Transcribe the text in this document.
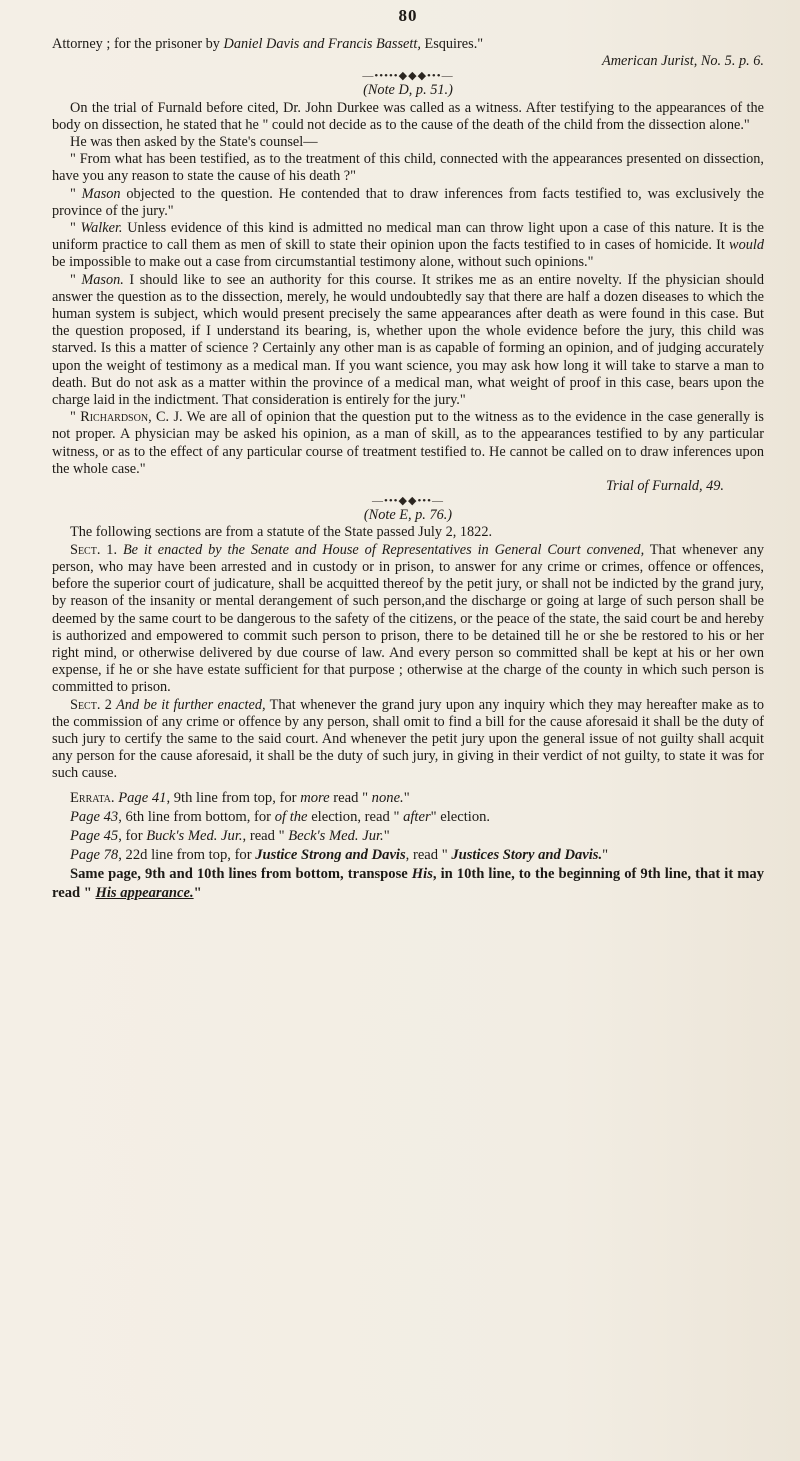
80

Attorney ; for the prisoner by Daniel Davis and Francis Bassett, Esquires."

American Jurist, No. 5. p. 6.

—•••••◆◆◆•••—

(Note D, p. 51.)

On the trial of Furnald before cited, Dr. John Durkee was called as a witness. After testifying to the appearances of the body on dissection, he stated that he " could not decide as to the cause of the death of the child from the dissection alone."

He was then asked by the State's counsel—

" From what has been testified, as to the treatment of this child, connected with the appearances presented on dissection, have you any reason to state the cause of his death ?"

" Mason objected to the question. He contended that to draw inferences from facts testified to, was exclusively the province of the jury."

" Walker. Unless evidence of this kind is admitted no medical man can throw light upon a case of this nature. It is the uniform practice to call them as men of skill to state their opinion upon the facts testified to in cases of homicide. It would be impossible to make out a case from circumstantial testimony alone, without such opinions."

" Mason. I should like to see an authority for this course. It strikes me as an entire novelty. If the physician should answer the question as to the dissection, merely, he would undoubtedly say that there are half a dozen diseases to which the human system is subject, which would present precisely the same appearances after death as were found in this case. But the question proposed, if I understand its bearing, is, whether upon the whole evidence before the jury, this child was starved. Is this a matter of science ? Certainly any other man is as capable of forming an opinion, and of judging accurately upon the weight of testimony as a medical man. If you want science, you may ask how long it will take to starve a man to death. But do not ask as a matter within the province of a medical man, what weight of proof in this case, bears upon the charge laid in the indictment. That consideration is entirely for the jury."

" Richardson, C. J. We are all of opinion that the question put to the witness as to the evidence in the case generally is not proper. A physician may be asked his opinion, as a man of skill, as to the appearances testified to by any particular witness, or as to the effect of any particular course of treatment testified to. He cannot be called on to draw inferences upon the whole case."

Trial of Furnald, 49.

—•••◆◆•••—

(Note E, p. 76.)

The following sections are from a statute of the State passed July 2, 1822.

Sect. 1. Be it enacted by the Senate and House of Representatives in General Court convened, That whenever any person, who may have been arrested and in custody or in prison, to answer for any crime or crimes, offence or offences, before the superior court of judicature, shall be acquitted thereof by the petit jury, or shall not be indicted by the grand jury, by reason of the insanity or mental derangement of such person,and the discharge or going at large of such person shall be deemed by the same court to be dangerous to the safety of the citizens, or the peace of the state, the said court be and hereby is authorized and empowered to commit such person to prison, there to be detained till he or she be restored to his or her right mind, or otherwise delivered by due course of law. And every person so committed shall be kept at his or her own expense, if he or she have estate sufficient for that purpose ; otherwise at the charge of the county in which such person is committed to prison.

Sect. 2 And be it further enacted, That whenever the grand jury upon any inquiry which they may hereafter make as to the commission of any crime or offence by any person, shall omit to find a bill for the cause aforesaid it shall be the duty of such jury to certify the same to the said court. And whenever the petit jury upon the general issue of not guilty shall acquit any person for the cause aforesaid, it shall be the duty of such jury, in giving in their verdict of not guilty, to state it was for such cause.

Errata. Page 41, 9th line from top, for more read " none."

Page 43, 6th line from bottom, for of the election, read " after" election.

Page 45, for Buck's Med. Jur., read " Beck's Med. Jur."

Page 78, 22d line from top, for Justice Strong and Davis, read " Justices Story and Davis."

Same page, 9th and 10th lines from bottom, transpose His, in 10th line, to the beginning of 9th line, that it may read " His appearance."
